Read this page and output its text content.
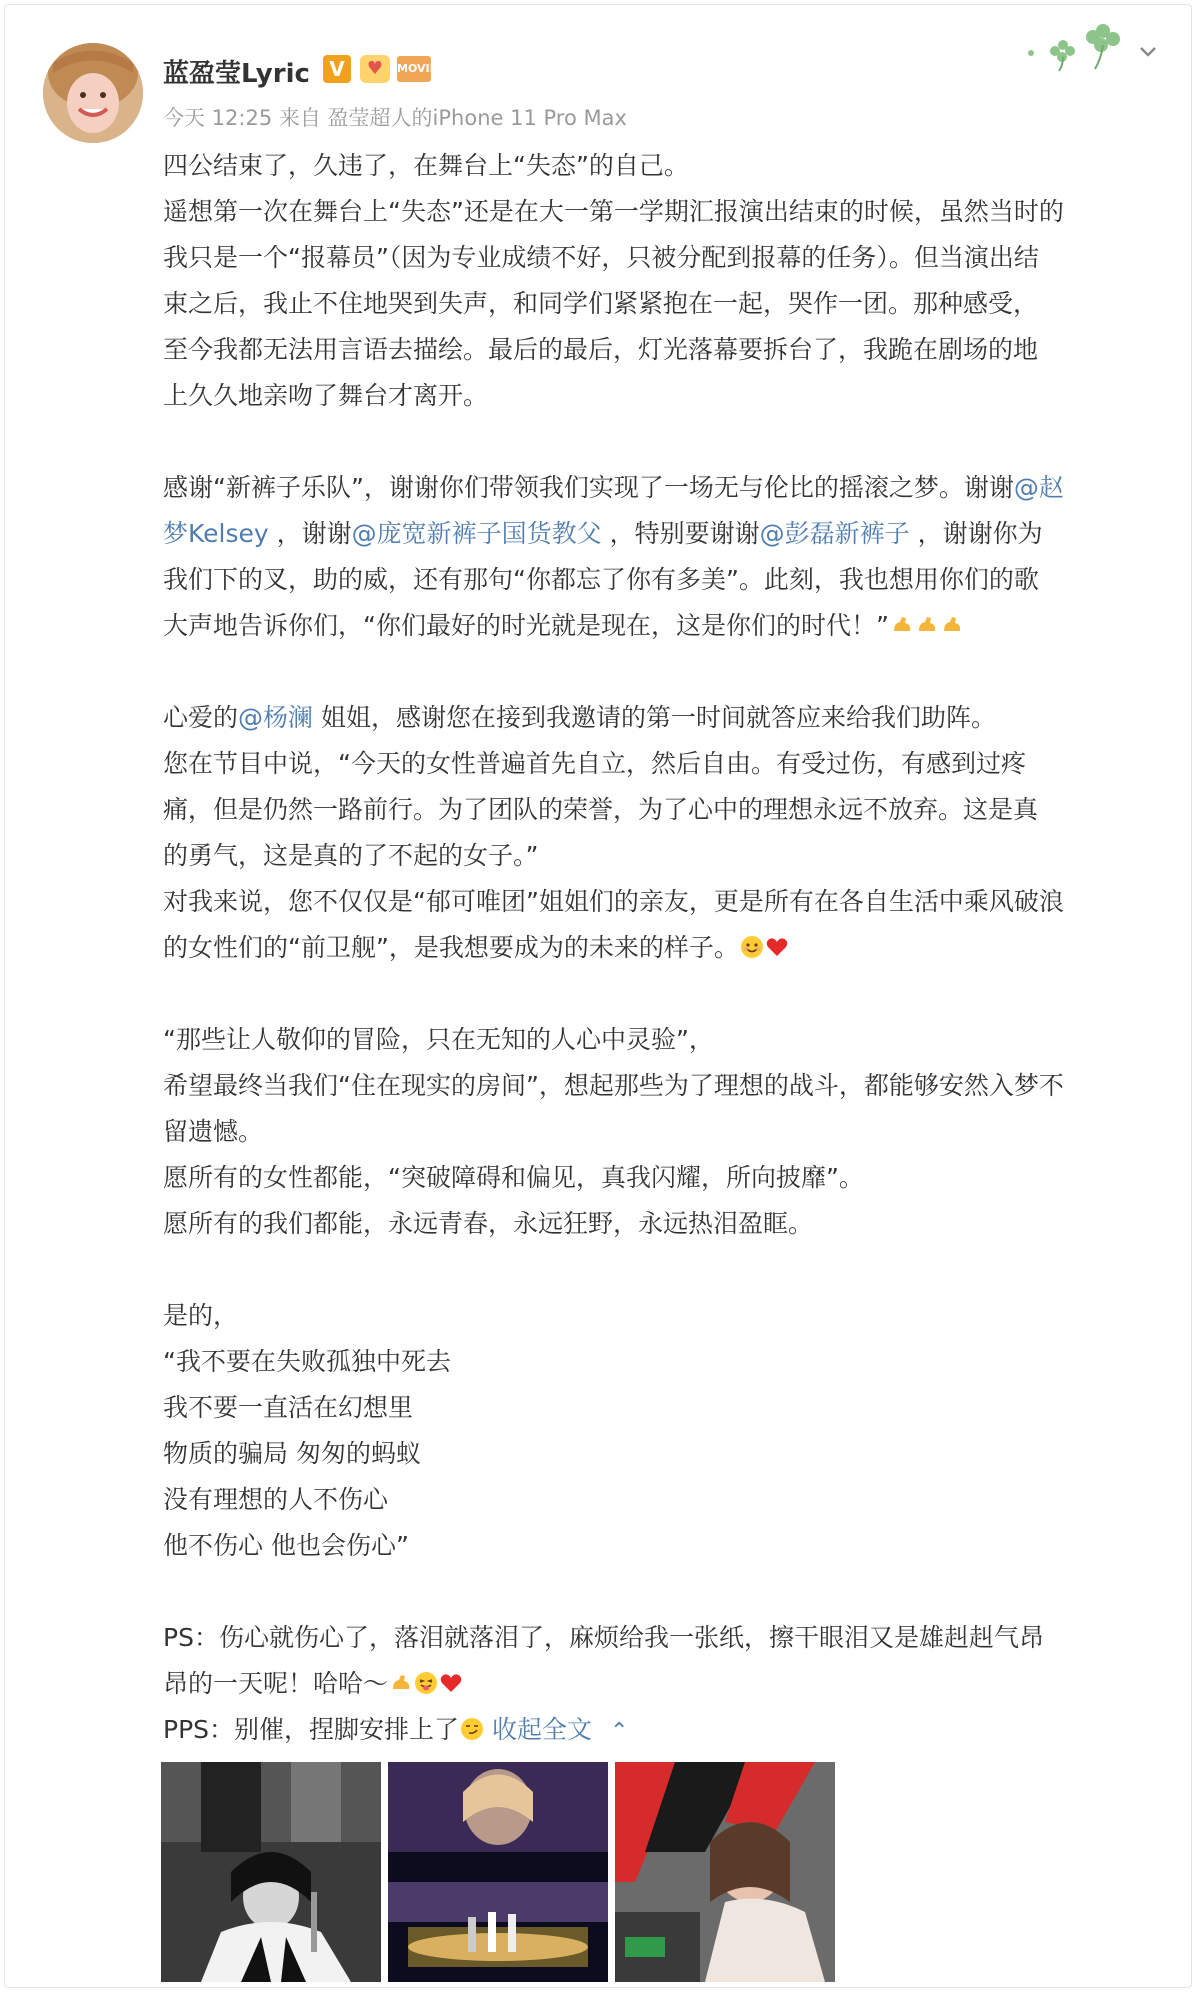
蓝盈莹Lyric V	♥	MOVIE
今天 12:25 来自 盈莹超人的iPhone 11 Pro Max
四公结束了，久违了，在舞台上“失态”的自己。
遥想第一次在舞台上“失态”还是在大一第一学期汇报演出结束的时候，虽然当时的
我只是一个“报幕员”（因为专业成绩不好，只被分配到报幕的任务）。但当演出结
束之后，我止不住地哭到失声，和同学们紧紧抱在一起，哭作一团。那种感受，
至今我都无法用言语去描绘。最后的最后，灯光落幕要拆台了，我跪在剧场的地
上久久地亲吻了舞台才离开。
感谢“新裤子乐队”，谢谢你们带领我们实现了一场无与伦比的摇滚之梦。谢谢@赵
梦Kelsey ，谢谢@庞宽新裤子国货教父 ，特别要谢谢@彭磊新裤子 ，谢谢你为
我们下的叉，助的威，还有那句“你都忘了你有多美”。此刻，我也想用你们的歌
大声地告诉你们，“你们最好的时光就是现在，这是你们的时代！”
心爱的@杨澜 姐姐，感谢您在接到我邀请的第一时间就答应来给我们助阵。
您在节目中说，“今天的女性普遍首先自立，然后自由。有受过伤，有感到过疼
痛，但是仍然一路前行。为了团队的荣誉，为了心中的理想永远不放弃。这是真
的勇气，这是真的了不起的女子。”
对我来说，您不仅仅是“郁可唯团”姐姐们的亲友，更是所有在各自生活中乘风破浪
的女性们的“前卫舰”，是我想要成为的未来的样子。
“那些让人敬仰的冒险，只在无知的人心中灵验”，
希望最终当我们“住在现实的房间”，想起那些为了理想的战斗，都能够安然入梦不
留遗憾。
愿所有的女性都能，“突破障碍和偏见，真我闪耀，所向披靡”。
愿所有的我们都能，永远青春，永远狂野，永远热泪盈眶。
是的，
“我不要在失败孤独中死去
我不要一直活在幻想里
物质的骗局 匆匆的蚂蚁
没有理想的人不伤心
他不伤心 他也会伤心”
PS：伤心就伤心了，落泪就落泪了，麻烦给我一张纸，擦干眼泪又是雄赳赳气昂
昂的一天呢！哈哈～
PPS：别催，捏脚安排上了 收起全文 ⌃
